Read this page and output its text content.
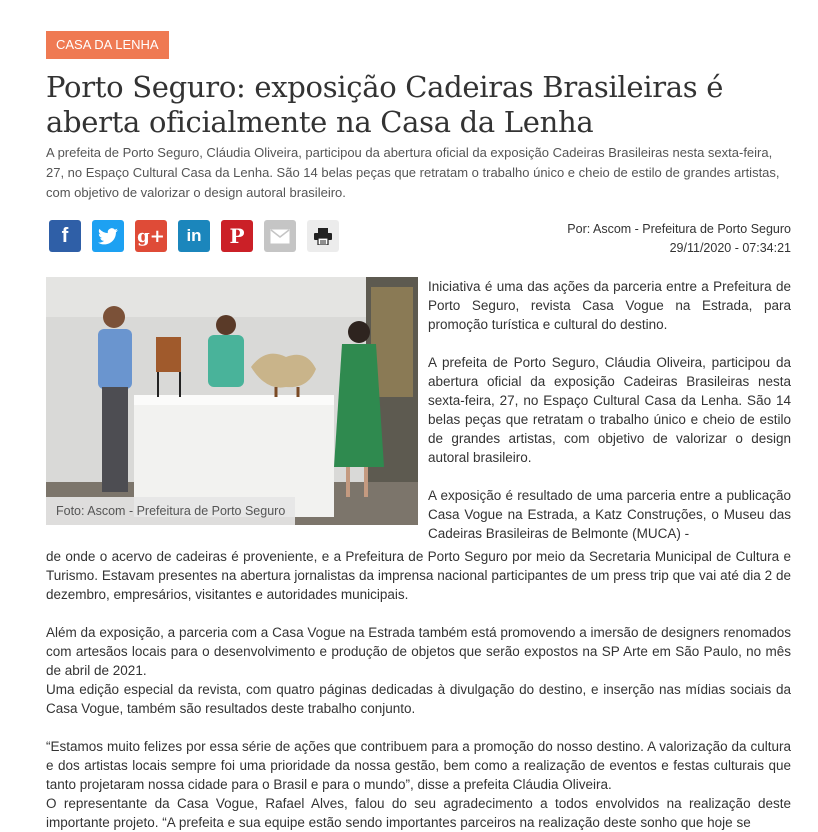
CASA DA LENHA
Porto Seguro: exposição Cadeiras Brasileiras é aberta oficialmente na Casa da Lenha

A prefeita de Porto Seguro, Cláudia Oliveira, participou da abertura oficial da exposição Cadeiras Brasileiras nesta sexta-feira, 27, no Espaço Cultural Casa da Lenha. São 14 belas peças que retratam o trabalho único e cheio de estilo de grandes artistas, com objetivo de valorizar o design autoral brasileiro.

f	g+ in P	Por: Ascom - Prefeitura de Porto Seguro
29/11/2020 - 07:34:21
Foto: Ascom - Prefeitura de Porto Seguro

Iniciativa é uma das ações da parceria entre a Prefeitura de Porto Seguro, revista Casa Vogue na Estrada, para promoção turística e cultural do destino.

A prefeita de Porto Seguro, Cláudia Oliveira, participou da abertura oficial da exposição Cadeiras Brasileiras nesta sexta-feira, 27, no Espaço Cultural Casa da Lenha. São 14 belas peças que retratam o trabalho único e cheio de estilo de grandes artistas, com objetivo de valorizar o design autoral brasileiro.

A exposição é resultado de uma parceria entre a publicação Casa Vogue na Estrada, a Katz Construções, o Museu das Cadeiras Brasileiras de Belmonte (MUCA) -

de onde o acervo de cadeiras é proveniente, e a Prefeitura de Porto Seguro por meio da Secretaria Municipal de Cultura e Turismo. Estavam presentes na abertura jornalistas da imprensa nacional participantes de um press trip que vai até dia 2 de dezembro, empresários, visitantes e autoridades municipais.

Além da exposição, a parceria com a Casa Vogue na Estrada também está promovendo a imersão de designers renomados com artesãos locais para o desenvolvimento e produção de objetos que serão expostos na SP Arte em São Paulo, no mês de abril de 2021.

Uma edição especial da revista, com quatro páginas dedicadas à divulgação do destino, e inserção nas mídias sociais da Casa Vogue, também são resultados deste trabalho conjunto.

“Estamos muito felizes por essa série de ações que contribuem para a promoção do nosso destino. A valorização da cultura e dos artistas locais sempre foi uma prioridade da nossa gestão, bem como a realização de eventos e festas culturais que tanto projetaram nossa cidade para o Brasil e para o mundo”, disse a prefeita Cláudia Oliveira.

O representante da Casa Vogue, Rafael Alves, falou do seu agradecimento a todos envolvidos na realização deste importante projeto. “A prefeita e sua equipe estão sendo importantes parceiros na realização deste sonho que hoje se
